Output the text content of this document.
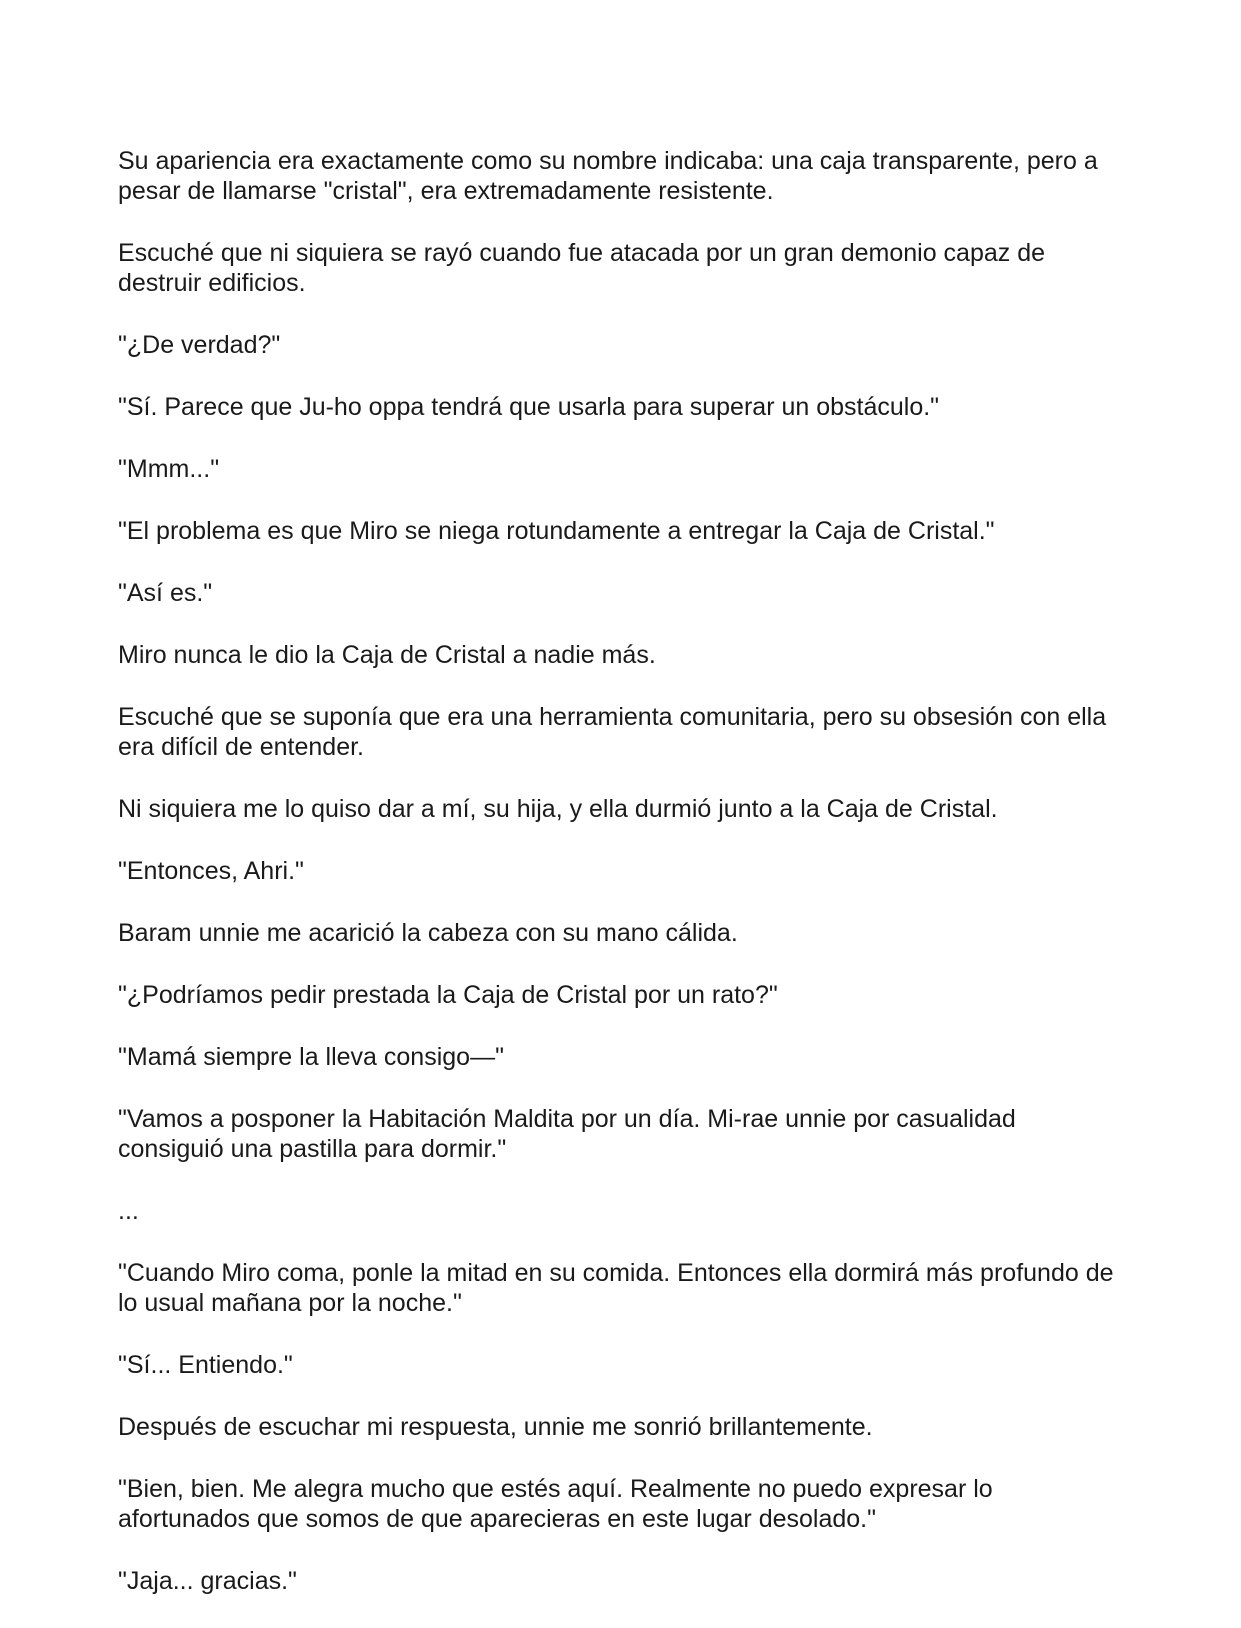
Su apariencia era exactamente como su nombre indicaba: una caja transparente, pero a pesar de llamarse "cristal", era extremadamente resistente.

Escuché que ni siquiera se rayó cuando fue atacada por un gran demonio capaz de destruir edificios.

"¿De verdad?"

"Sí. Parece que Ju-ho oppa tendrá que usarla para superar un obstáculo."

"Mmm..."

"El problema es que Miro se niega rotundamente a entregar la Caja de Cristal."

"Así es."

Miro nunca le dio la Caja de Cristal a nadie más.

Escuché que se suponía que era una herramienta comunitaria, pero su obsesión con ella era difícil de entender.

Ni siquiera me lo quiso dar a mí, su hija, y ella durmió junto a la Caja de Cristal.

"Entonces, Ahri."

Baram unnie me acarició la cabeza con su mano cálida.

"¿Podríamos pedir prestada la Caja de Cristal por un rato?"

"Mamá siempre la lleva consigo—"

"Vamos a posponer la Habitación Maldita por un día. Mi-rae unnie por casualidad consiguió una pastilla para dormir."

...

"Cuando Miro coma, ponle la mitad en su comida. Entonces ella dormirá más profundo de lo usual mañana por la noche."

"Sí... Entiendo."

Después de escuchar mi respuesta, unnie me sonrió brillantemente.

"Bien, bien. Me alegra mucho que estés aquí. Realmente no puedo expresar lo afortunados que somos de que aparecieras en este lugar desolado."

"Jaja... gracias."
